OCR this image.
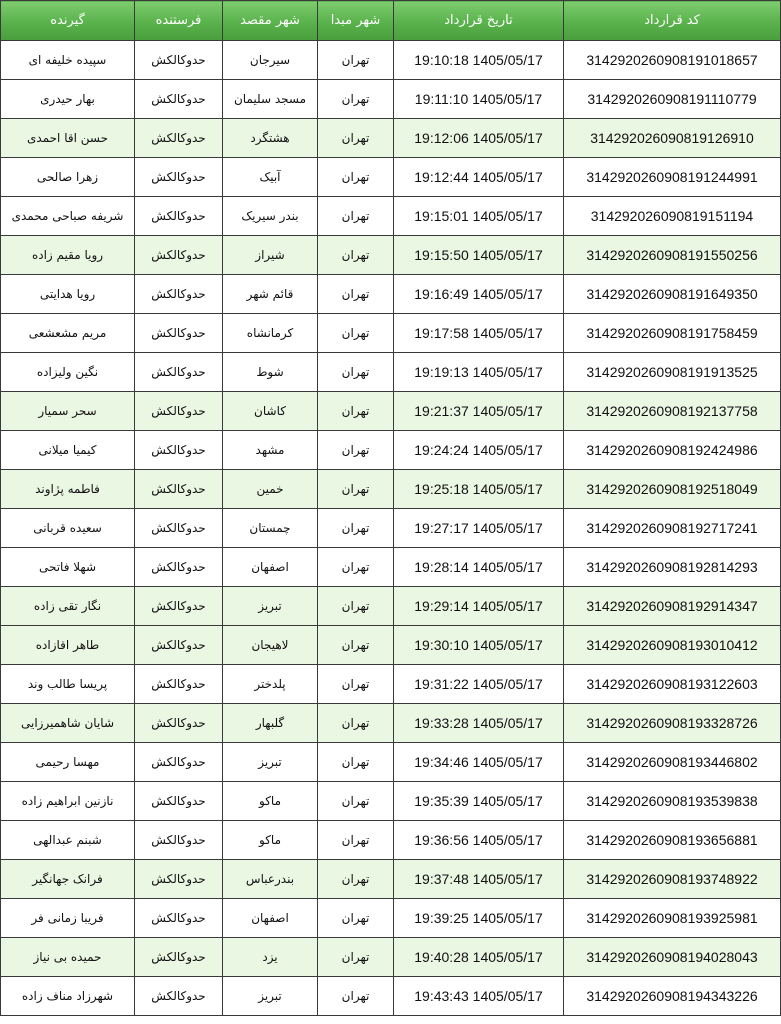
کد قرارداد	تاریخ قرارداد	شهر مبدا	شهر مقصد	فرستنده	گیرنده
3142920260908191018657	1405/05/17 19:10:18	تهران	سیرجان	حدوکالکش	سپیده خلیفه ای
3142920260908191110779	1405/05/17 19:11:10	تهران	مسجد سلیمان	حدوکالکش	بهار حیدری
314292026090819126910	1405/05/17 19:12:06	تهران	هشتگرد	حدوکالکش	حسن اقا احمدی
3142920260908191244991	1405/05/17 19:12:44	تهران	آبیک	حدوکالکش	زهرا صالحی
314292026090819151194	1405/05/17 19:15:01	تهران	بندر سیریک	حدوکالکش	شریفه صباحی محمدی
3142920260908191550256	1405/05/17 19:15:50	تهران	شیراز	حدوکالکش	رویا مقیم زاده
3142920260908191649350	1405/05/17 19:16:49	تهران	قائم شهر	حدوکالکش	رویا هدایتی
3142920260908191758459	1405/05/17 19:17:58	تهران	کرمانشاه	حدوکالکش	مریم مشعشعی
3142920260908191913525	1405/05/17 19:19:13	تهران	شوط	حدوکالکش	نگین ولیزاده
3142920260908192137758	1405/05/17 19:21:37	تهران	کاشان	حدوکالکش	سحر سمیار
3142920260908192424986	1405/05/17 19:24:24	تهران	مشهد	حدوکالکش	کیمیا میلانی
3142920260908192518049	1405/05/17 19:25:18	تهران	خمین	حدوکالکش	فاطمه پژاوند
3142920260908192717241	1405/05/17 19:27:17	تهران	چمستان	حدوکالکش	سعیده قربانی
3142920260908192814293	1405/05/17 19:28:14	تهران	اصفهان	حدوکالکش	شهلا فاتحی
3142920260908192914347	1405/05/17 19:29:14	تهران	تبریز	حدوکالکش	نگار تقی زاده
3142920260908193010412	1405/05/17 19:30:10	تهران	لاهیجان	حدوکالکش	طاهر اقازاده
3142920260908193122603	1405/05/17 19:31:22	تهران	پلدختر	حدوکالکش	پریسا طالب وند
3142920260908193328726	1405/05/17 19:33:28	تهران	گلبهار	حدوکالکش	شایان شاهمیرزایی
3142920260908193446802	1405/05/17 19:34:46	تهران	تبریز	حدوکالکش	مهسا رحیمی
3142920260908193539838	1405/05/17 19:35:39	تهران	ماکو	حدوکالکش	نازنین ابراهیم زاده
3142920260908193656881	1405/05/17 19:36:56	تهران	ماکو	حدوکالکش	شبنم عبدالهی
3142920260908193748922	1405/05/17 19:37:48	تهران	بندرعباس	حدوکالکش	فرانک جهانگیر
3142920260908193925981	1405/05/17 19:39:25	تهران	اصفهان	حدوکالکش	فریبا زمانی فر
3142920260908194028043	1405/05/17 19:40:28	تهران	یزد	حدوکالکش	حمیده بی نیاز
3142920260908194343226	1405/05/17 19:43:43	تهران	تبریز	حدوکالکش	شهرزاد مناف زاده
